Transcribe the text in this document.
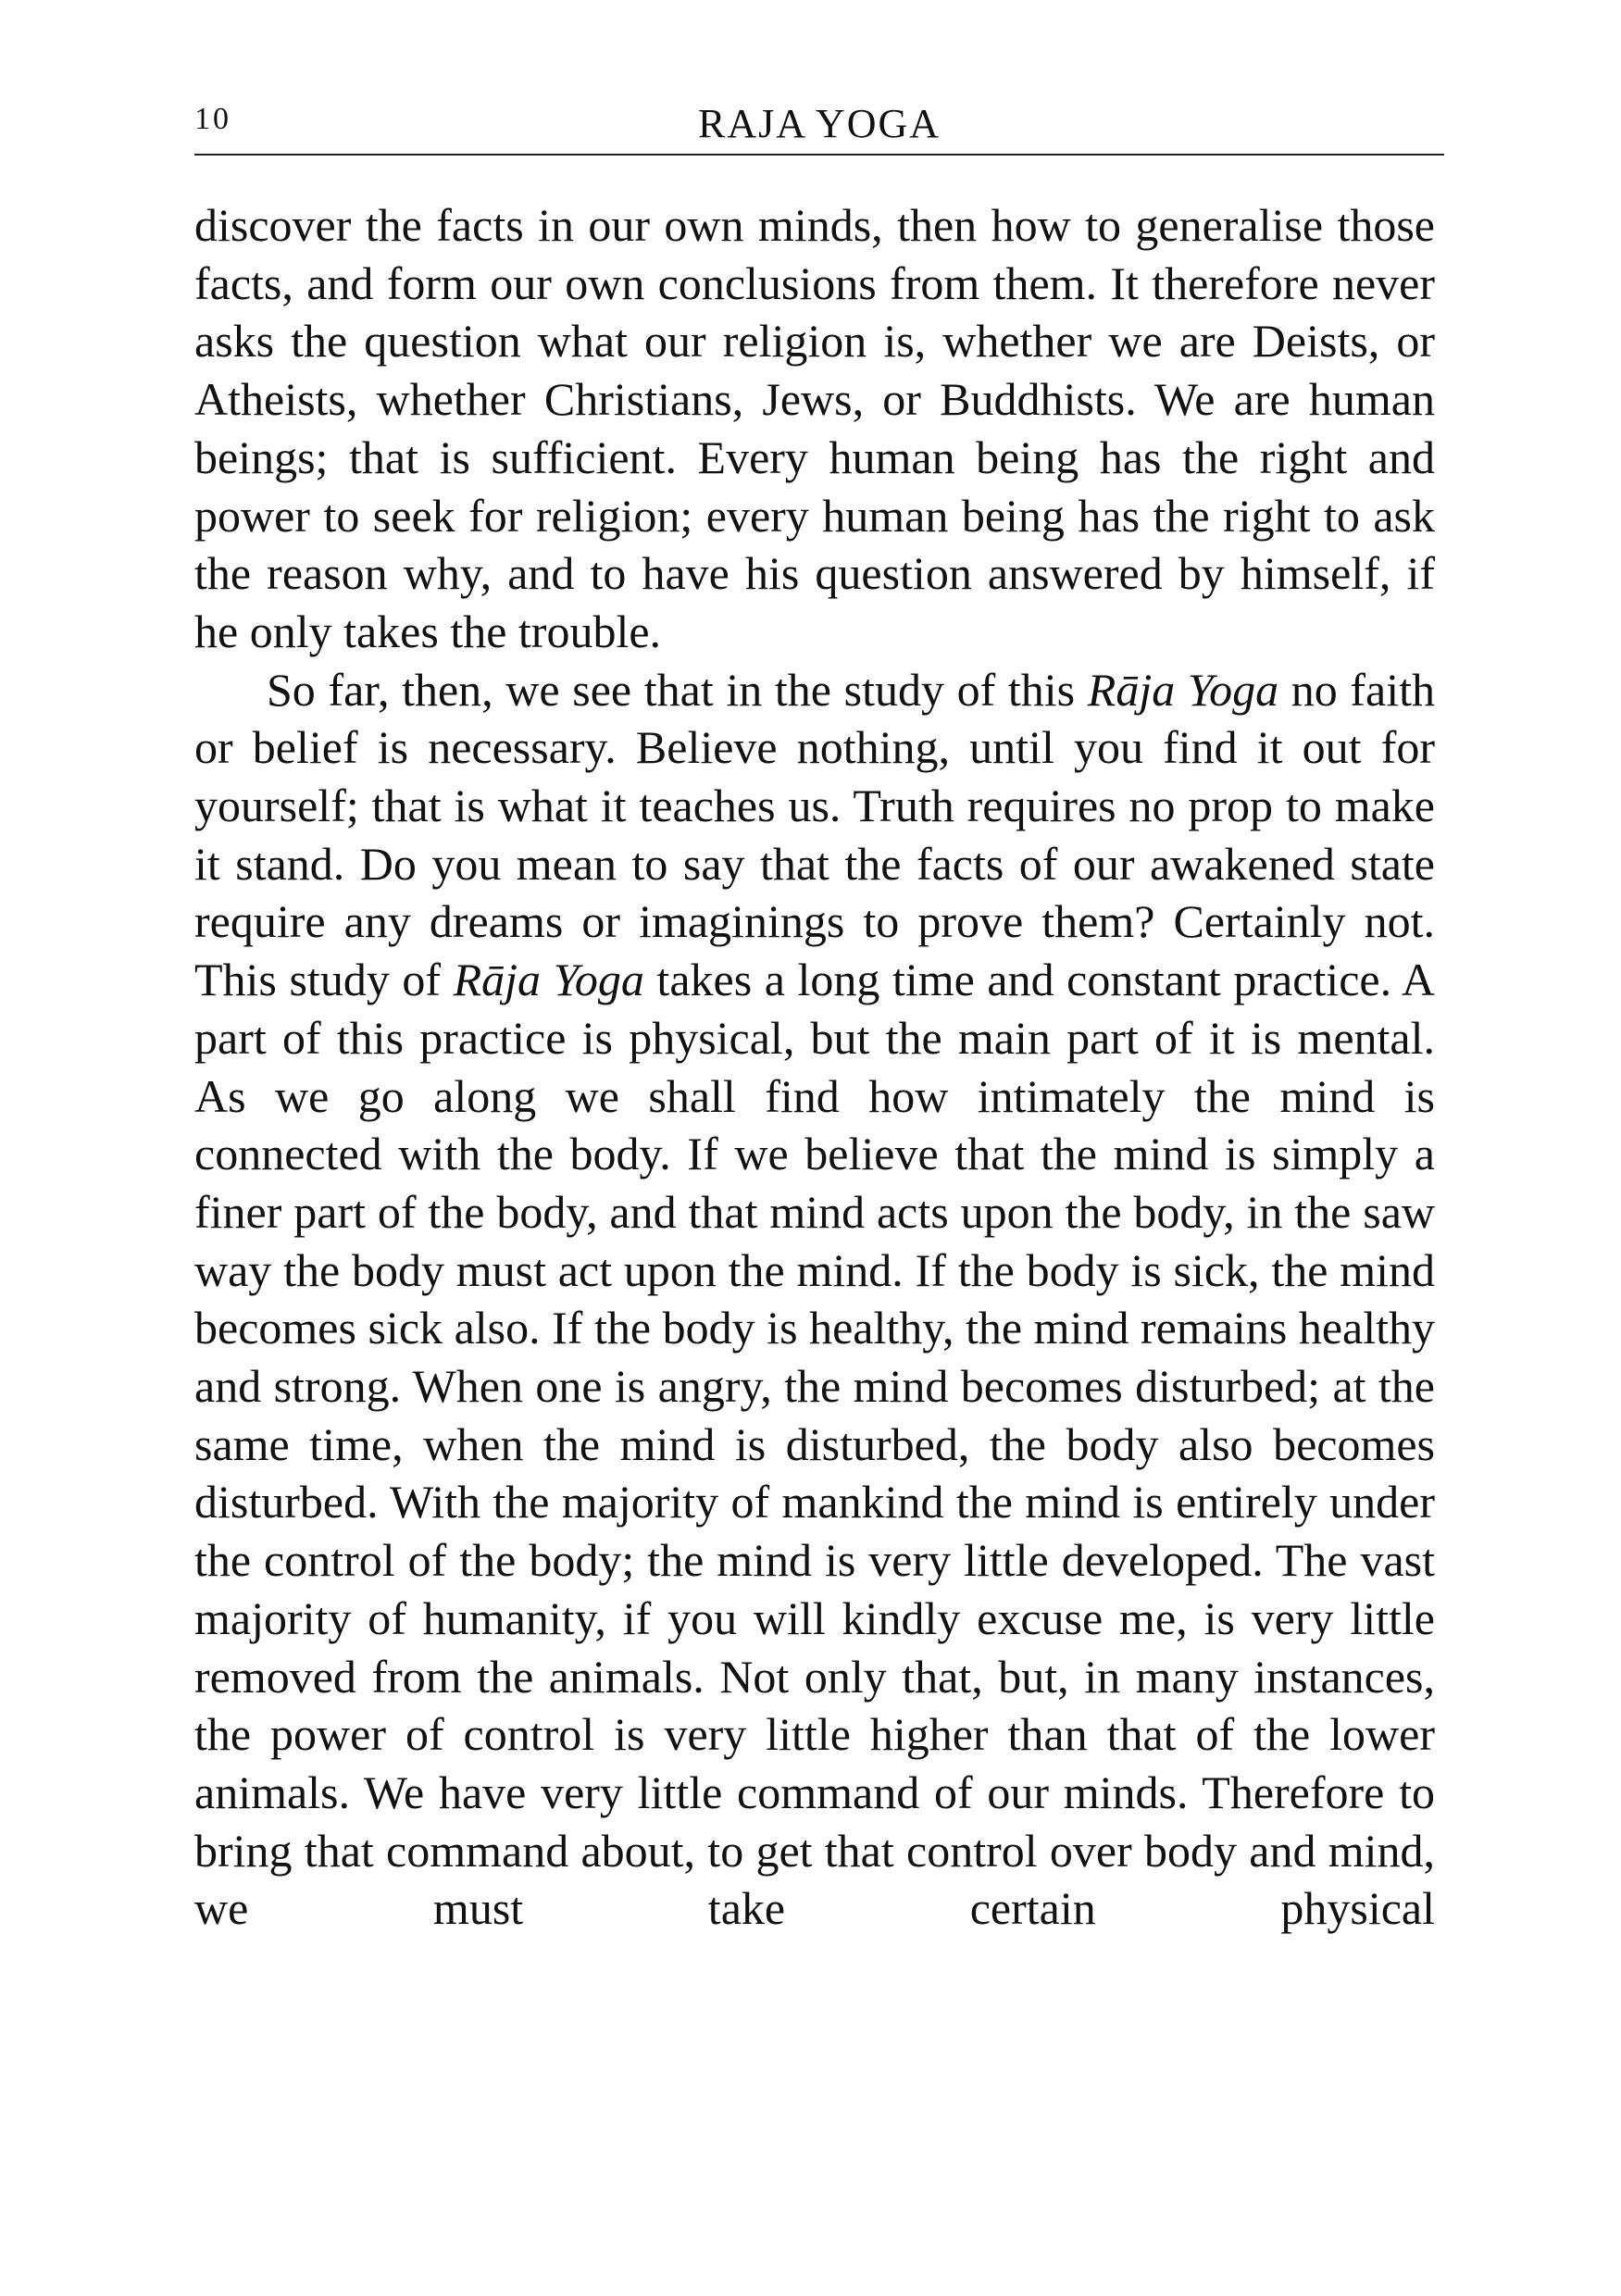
10	RAJA YOGA

discover the facts in our own minds, then how to generalise those facts, and form our own conclusions from them. It therefore never asks the question what our religion is, whether we are Deists, or Atheists, whether Christians, Jews, or Buddhists. We are human beings; that is sufficient. Every human being has the right and power to seek for religion; every human being has the right to ask the reason why, and to have his question answered by himself, if he only takes the trouble.

So far, then, we see that in the study of this Rāja Yoga no faith or belief is necessary. Believe nothing, until you find it out for yourself; that is what it teaches us. Truth requires no prop to make it stand. Do you mean to say that the facts of our awakened state require any dreams or imaginings to prove them? Certainly not. This study of Rāja Yoga takes a long time and constant practice. A part of this practice is physical, but the main part of it is mental. As we go along we shall find how intimately the mind is connected with the body. If we believe that the mind is simply a finer part of the body, and that mind acts upon the body, in the saw way the body must act upon the mind. If the body is sick, the mind becomes sick also. If the body is healthy, the mind remains healthy and strong. When one is angry, the mind becomes disturbed; at the same time, when the mind is disturbed, the body also becomes disturbed. With the majority of mankind the mind is entirely under the control of the body; the mind is very little developed. The vast majority of humanity, if you will kindly excuse me, is very little removed from the animals. Not only that, but, in many instances, the power of control is very little higher than that of the lower animals. We have very little command of our minds. Therefore to bring that command about, to get that control over body and mind, we must take certain physical
